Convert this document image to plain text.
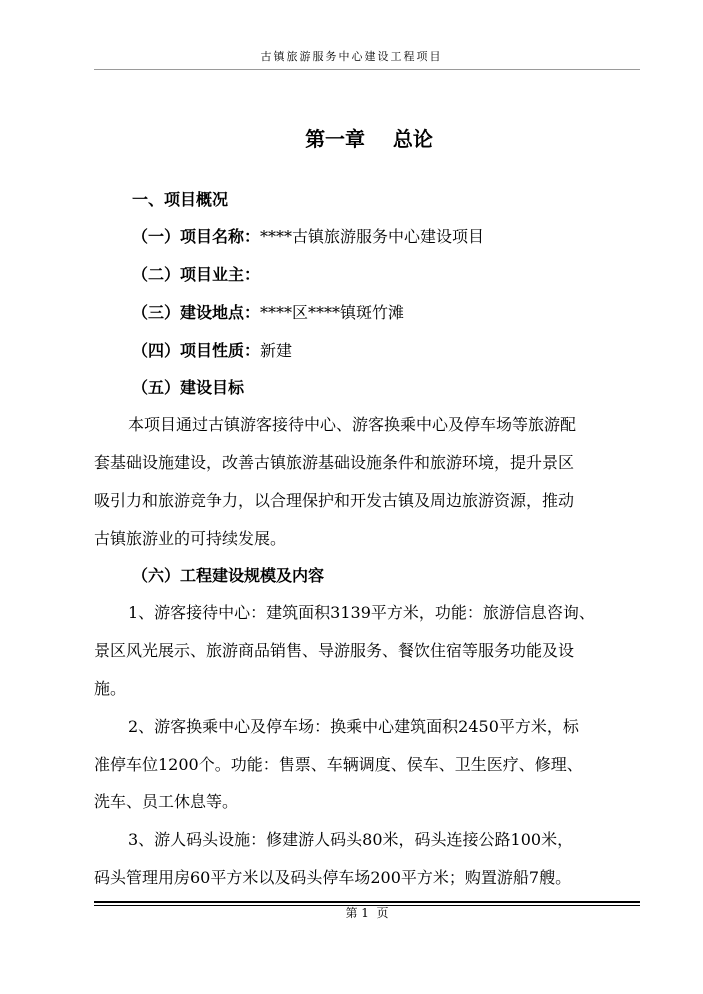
古镇旅游服务中心建设工程项目
第一章    总论
一、项目概况
（一）项目名称：****古镇旅游服务中心建设项目
（二）项目业主：
（三）建设地点：****区****镇斑竹滩
（四）项目性质：新建
（五）建设目标
本项目通过古镇游客接待中心、游客换乘中心及停车场等旅游配
套基础设施建设，改善古镇旅游基础设施条件和旅游环境，提升景区
吸引力和旅游竞争力，以合理保护和开发古镇及周边旅游资源，推动
古镇旅游业的可持续发展。
（六）工程建设规模及内容
1、游客接待中心：建筑面积3139平方米，功能：旅游信息咨询、
景区风光展示、旅游商品销售、导游服务、餐饮住宿等服务功能及设
施。
2、游客换乘中心及停车场：换乘中心建筑面积2450平方米，标
准停车位1200个。功能：售票、车辆调度、侯车、卫生医疗、修理、
洗车、员工休息等。
3、游人码头设施：修建游人码头80米，码头连接公路100米，
码头管理用房60平方米以及码头停车场200平方米；购置游船7艘。
第 1  页
